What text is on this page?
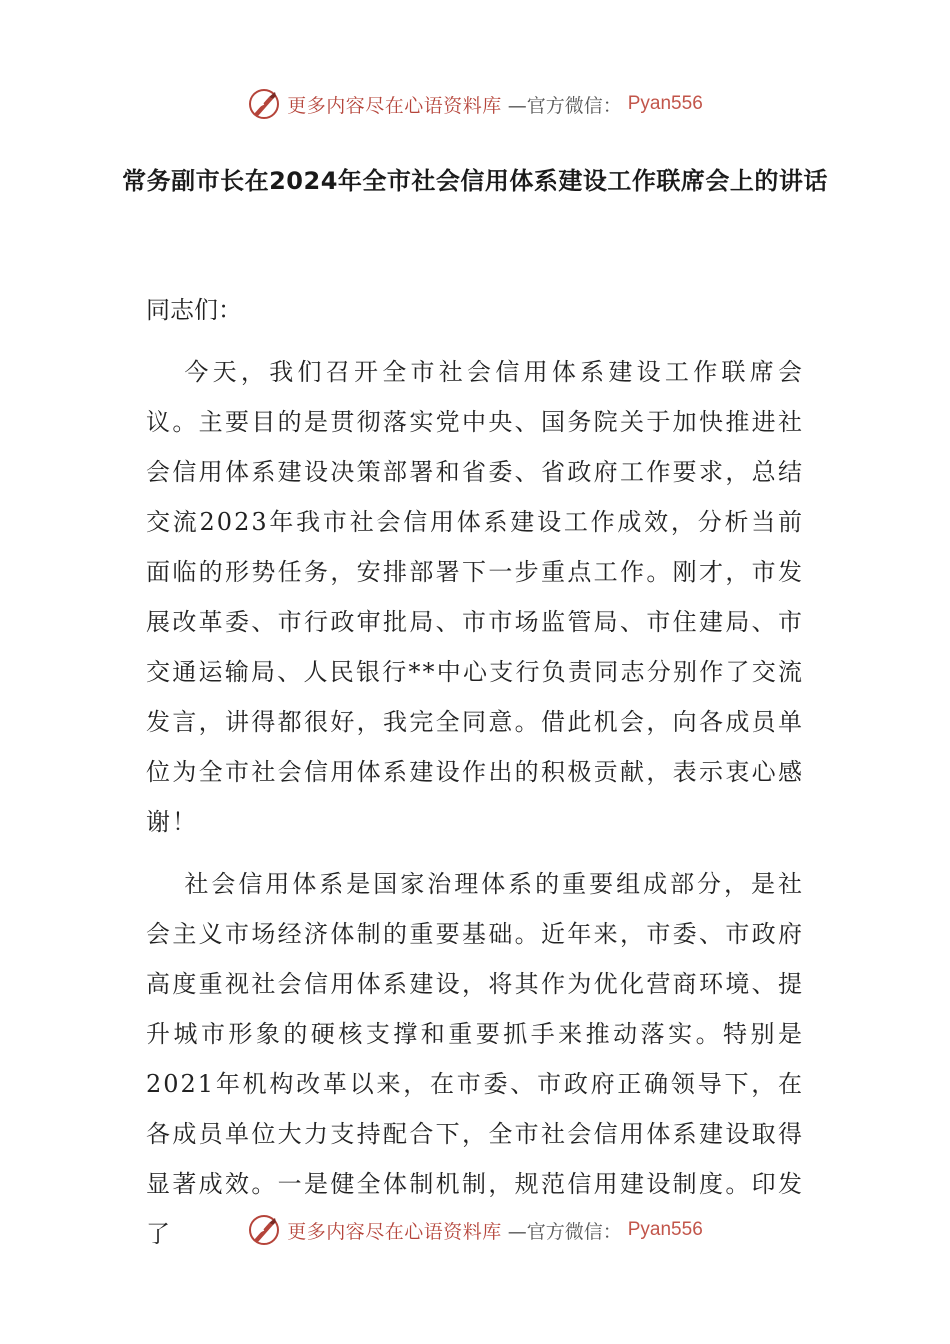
更多内容尽在心语资料库 —官方微信： Pyan556
常务副市长在2024年全市社会信用体系建设工作联席会上的讲话

同志们：

今天，我们召开全市社会信用体系建设工作联席会议。主要目的是贯彻落实党中央、国务院关于加快推进社会信用体系建设决策部署和省委、省政府工作要求，总结交流2023年我市社会信用体系建设工作成效，分析当前面临的形势任务，安排部署下一步重点工作。刚才，市发展改革委、市行政审批局、市市场监管局、市住建局、市交通运输局、人民银行**中心支行负责同志分别作了交流发言，讲得都很好，我完全同意。借此机会，向各成员单位为全市社会信用体系建设作出的积极贡献，表示衷心感谢！

社会信用体系是国家治理体系的重要组成部分，是社会主义市场经济体制的重要基础。近年来，市委、市政府高度重视社会信用体系建设，将其作为优化营商环境、提升城市形象的硬核支撑和重要抓手来推动落实。特别是2021年机构改革以来，在市委、市政府正确领导下，在各成员单位大力支持配合下，全市社会信用体系建设取得显著成效。一是健全体制机制，规范信用建设制度。印发了	更多内容尽在心语资料库 —官方微信： Pyan556
